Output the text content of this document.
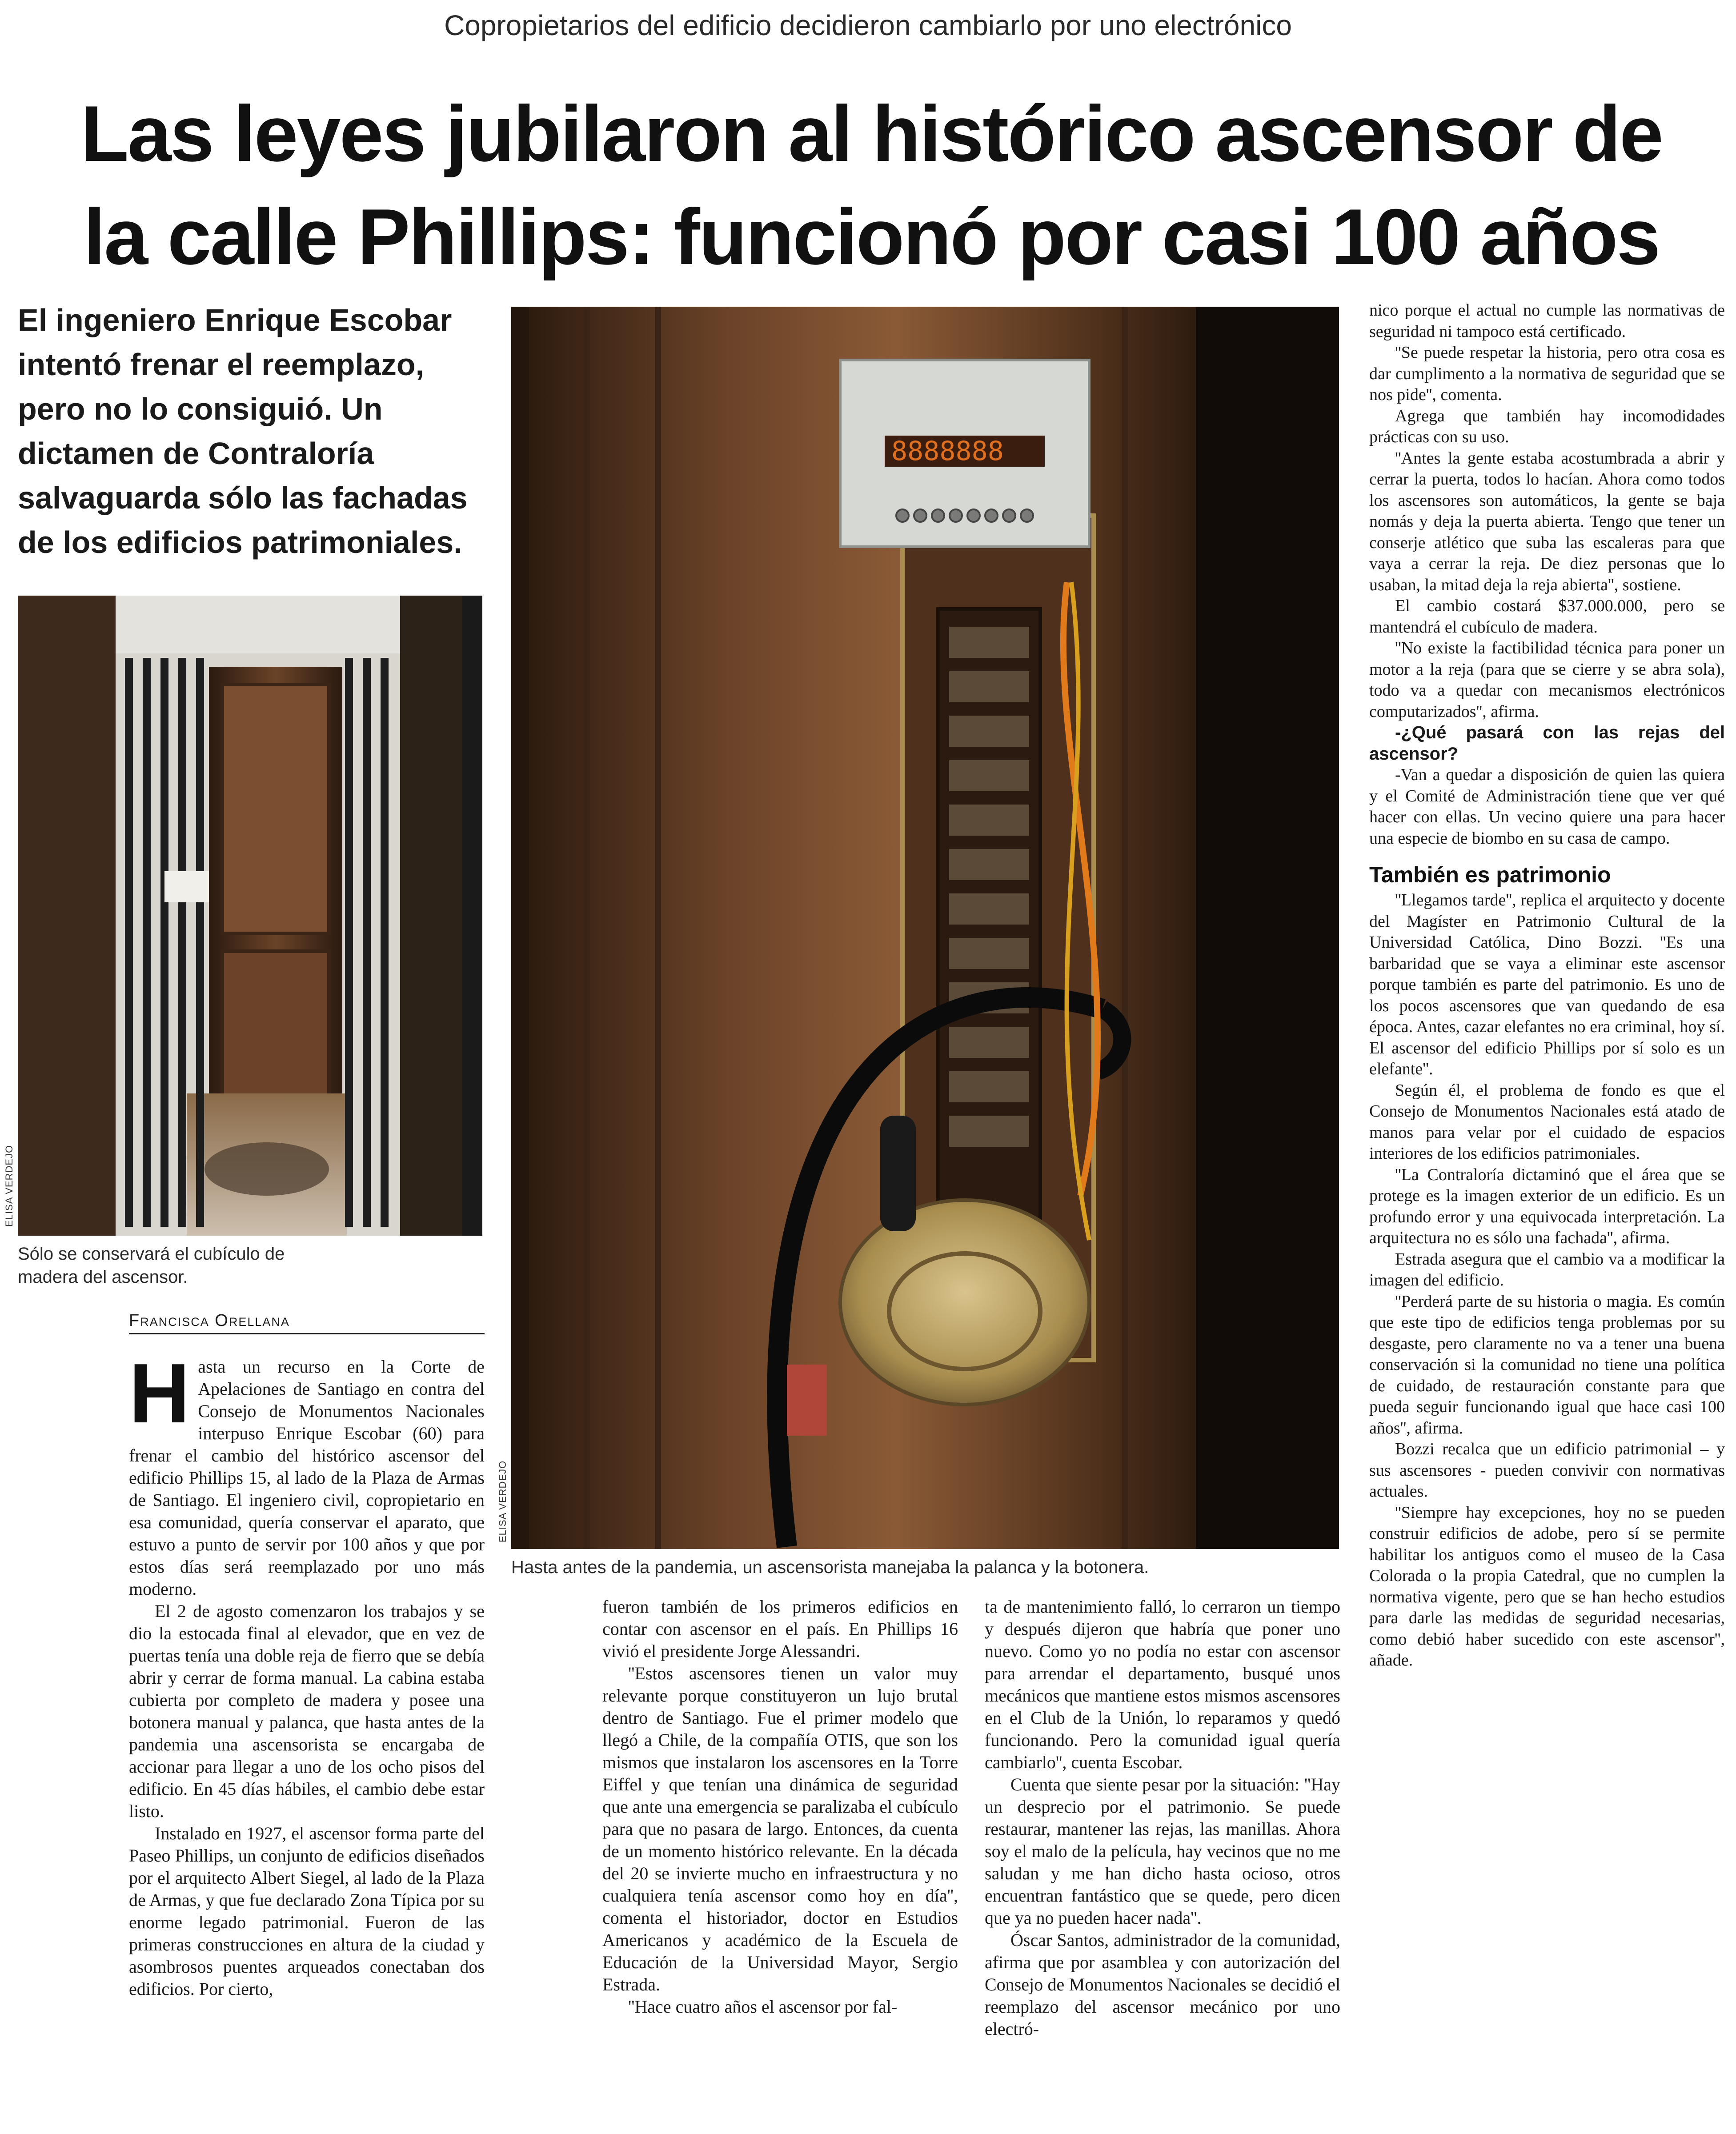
Copropietarios del edificio decidieron cambiarlo por uno electrónico
Las leyes jubilaron al histórico ascensor de
la calle Phillips: funcionó por casi 100 años
El ingeniero Enrique Escobar intentó frenar el reemplazo, pero no lo consiguió. Un dictamen de Contraloría salvaguarda sólo las fachadas de los edificios patrimoniales.
ELISA VERDEJO
Sólo se conservará el cubículo de madera del ascensor.
8888888
ELISA VERDEJO
Hasta antes de la pandemia, un ascensorista manejaba la palanca y la botonera.
Francisca Orellana

Hasta un recurso en la Corte de Apelaciones de Santiago en contra del Consejo de Monumentos Nacionales interpuso Enrique Escobar (60) para frenar el cambio del histórico ascensor del edificio Phillips 15, al lado de la Plaza de Armas de Santiago. El ingeniero civil, copropietario en esa comunidad, quería conservar el aparato, que estuvo a punto de servir por 100 años y que por estos días será reemplazado por uno más moderno.

El 2 de agosto comenzaron los trabajos y se dio la estocada final al elevador, que en vez de puertas tenía una doble reja de fierro que se debía abrir y cerrar de forma manual. La cabina estaba cubierta por completo de madera y posee una botonera manual y palanca, que hasta antes de la pandemia una ascensorista se encargaba de accionar para llegar a uno de los ocho pisos del edificio. En 45 días hábiles, el cambio debe estar listo.

Instalado en 1927, el ascensor forma parte del Paseo Phillips, un conjunto de edificios diseñados por el arquitecto Albert Siegel, al lado de la Plaza de Armas, y que fue declarado Zona Típica por su enorme legado patrimonial. Fueron de las primeras construcciones en altura de la ciudad y asombrosos puentes arqueados conectaban dos edificios. Por cierto,

fueron también de los primeros edificios en contar con ascensor en el país. En Phillips 16 vivió el presidente Jorge Alessandri.

''Estos ascensores tienen un valor muy relevante porque constituyeron un lujo brutal dentro de Santiago. Fue el primer modelo que llegó a Chile, de la compañía OTIS, que son los mismos que instalaron los ascensores en la Torre Eiffel y que tenían una dinámica de seguridad que ante una emergencia se paralizaba el cubículo para que no pasara de largo. Entonces, da cuenta de un momento histórico relevante. En la década del 20 se invierte mucho en infraestructura y no cualquiera tenía ascensor como hoy en día'', comenta el historiador, doctor en Estudios Americanos y académico de la Escuela de Educación de la Universidad Mayor, Sergio Estrada.

''Hace cuatro años el ascensor por fal-

ta de mantenimiento falló, lo cerraron un tiempo y después dijeron que habría que poner uno nuevo. Como yo no podía no estar con ascensor para arrendar el departamento, busqué unos mecánicos que mantiene estos mismos ascensores en el Club de la Unión, lo reparamos y quedó funcionando. Pero la comunidad igual quería cambiarlo'', cuenta Escobar.

Cuenta que siente pesar por la situación: ''Hay un desprecio por el patrimonio. Se puede restaurar, mantener las rejas, las manillas. Ahora soy el malo de la película, hay vecinos que no me saludan y me han dicho hasta ocioso, otros encuentran fantástico que se quede, pero dicen que ya no pueden hacer nada''.

Óscar Santos, administrador de la comunidad, afirma que por asamblea y con autorización del Consejo de Monumentos Nacionales se decidió el reemplazo del ascensor mecánico por uno electró-

nico porque el actual no cumple las normativas de seguridad ni tampoco está certificado.

''Se puede respetar la historia, pero otra cosa es dar cumplimento a la normativa de seguridad que se nos pide'', comenta.

Agrega que también hay incomodidades prácticas con su uso.

''Antes la gente estaba acostumbrada a abrir y cerrar la puerta, todos lo hacían. Ahora como todos los ascensores son automáticos, la gente se baja nomás y deja la puerta abierta. Tengo que tener un conserje atlético que suba las escaleras para que vaya a cerrar la reja. De diez personas que lo usaban, la mitad deja la reja abierta'', sostiene.

El cambio costará $37.000.000, pero se mantendrá el cubículo de madera.

''No existe la factibilidad técnica para poner un motor a la reja (para que se cierre y se abra sola), todo va a quedar con mecanismos electrónicos computarizados'', afirma.

-¿Qué pasará con las rejas del ascensor?

-Van a quedar a disposición de quien las quiera y el Comité de Administración tiene que ver qué hacer con ellas. Un vecino quiere una para hacer una especie de biombo en su casa de campo.

También es patrimonio

''Llegamos tarde'', replica el arquitecto y docente del Magíster en Patrimonio Cultural de la Universidad Católica, Dino Bozzi. ''Es una barbaridad que se vaya a eliminar este ascensor porque también es parte del patrimonio. Es uno de los pocos ascensores que van quedando de esa época. Antes, cazar elefantes no era criminal, hoy sí. El ascensor del edificio Phillips por sí solo es un elefante''.

Según él, el problema de fondo es que el Consejo de Monumentos Nacionales está atado de manos para velar por el cuidado de espacios interiores de los edificios patrimoniales.

''La Contraloría dictaminó que el área que se protege es la imagen exterior de un edificio. Es un profundo error y una equivocada interpretación. La arquitectura no es sólo una fachada'', afirma.

Estrada asegura que el cambio va a modificar la imagen del edificio.

''Perderá parte de su historia o magia. Es común que este tipo de edificios tenga problemas por su desgaste, pero claramente no va a tener una buena conservación si la comunidad no tiene una política de cuidado, de restauración constante para que pueda seguir funcionando igual que hace casi 100 años'', afirma.

Bozzi recalca que un edificio patrimonial – y sus ascensores - pueden convivir con normativas actuales.

''Siempre hay excepciones, hoy no se pueden construir edificios de adobe, pero sí se permite habilitar los antiguos como el museo de la Casa Colorada o la propia Catedral, que no cumplen la normativa vigente, pero que se han hecho estudios para darle las medidas de seguridad necesarias, como debió haber sucedido con este ascensor'', añade.
